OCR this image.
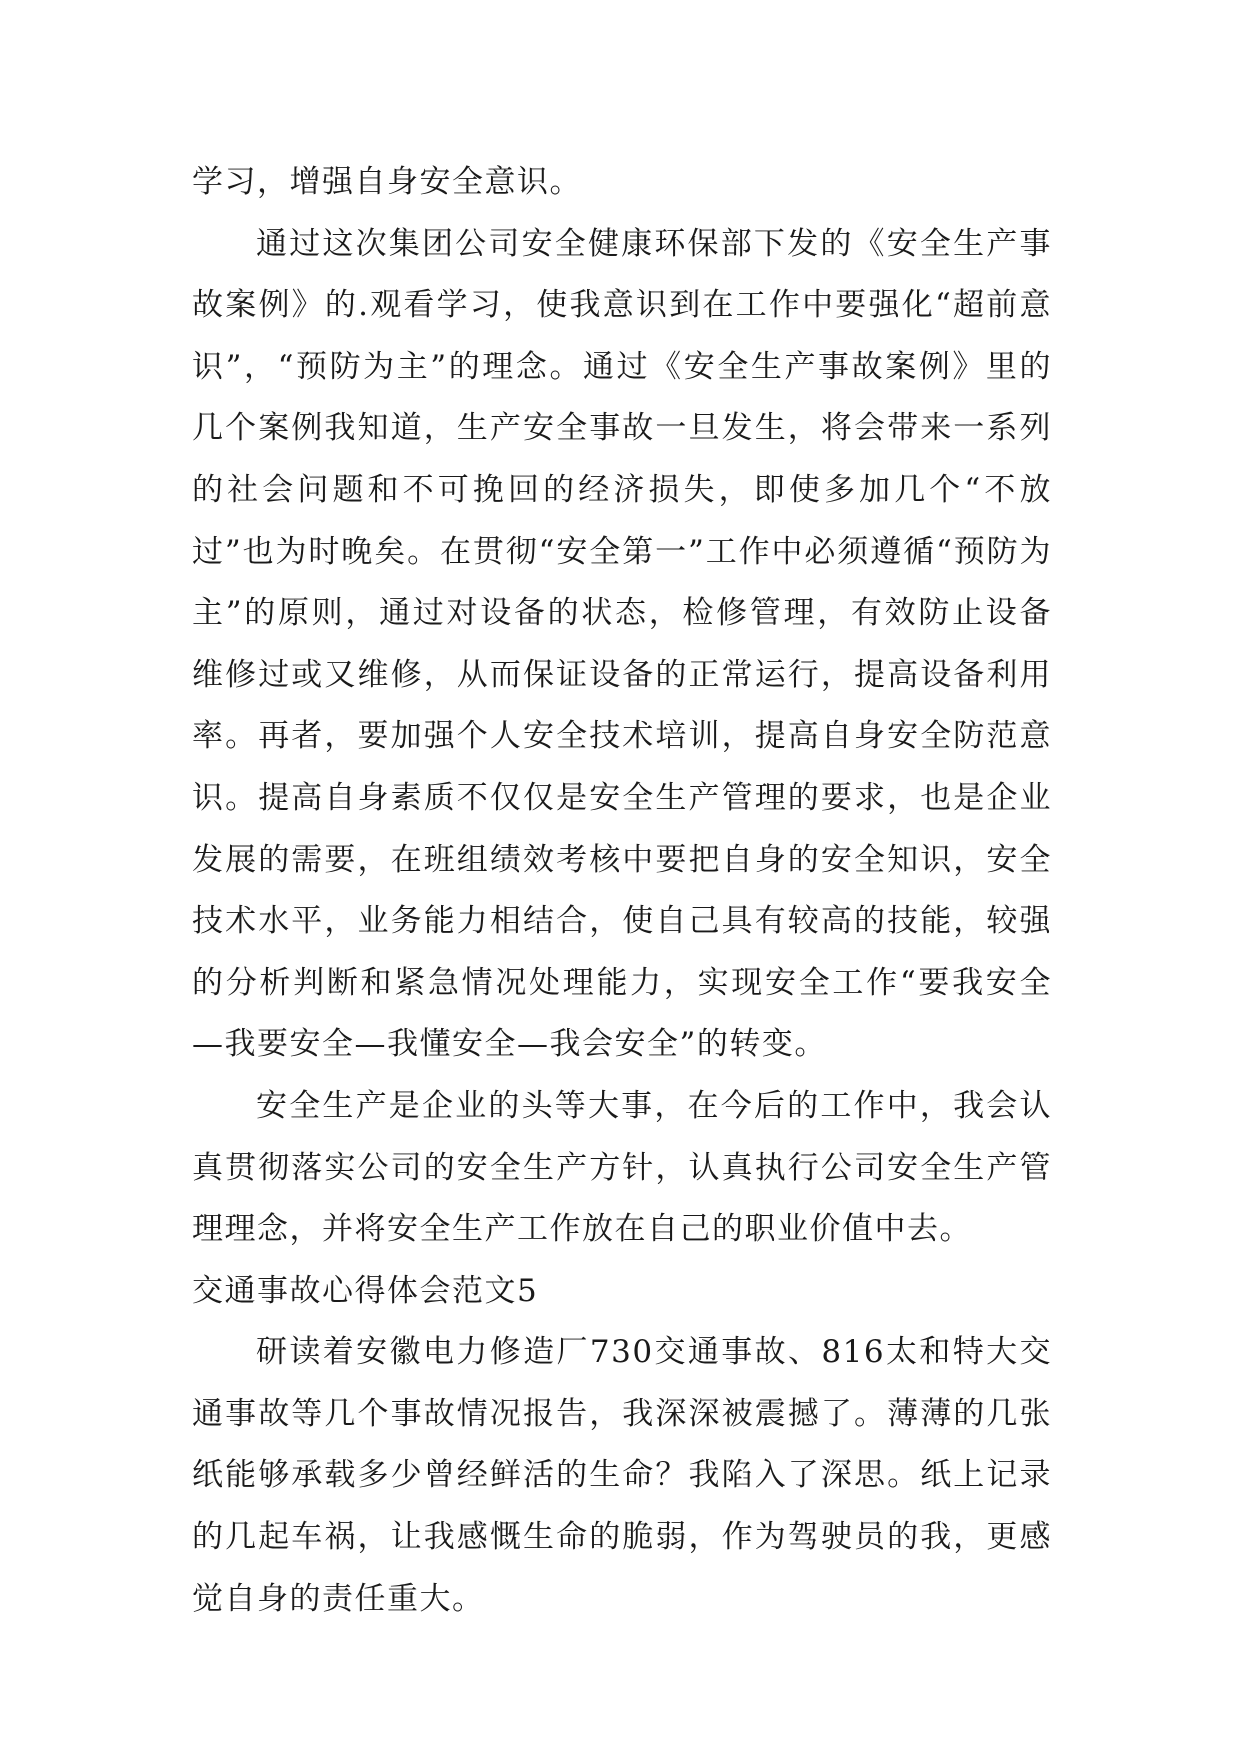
学习，增强自身安全意识。

通过这次集团公司安全健康环保部下发的《安全生产事故案例》的.观看学习，使我意识到在工作中要强化“超前意识”，“预防为主”的理念。通过《安全生产事故案例》里的几个案例我知道，生产安全事故一旦发生，将会带来一系列的社会问题和不可挽回的经济损失，即使多加几个“不放过”也为时晚矣。在贯彻“安全第一”工作中必须遵循“预防为主”的原则，通过对设备的状态，检修管理，有效防止设备维修过或又维修，从而保证设备的正常运行，提高设备利用率。再者，要加强个人安全技术培训，提高自身安全防范意识。提高自身素质不仅仅是安全生产管理的要求，也是企业发展的需要，在班组绩效考核中要把自身的安全知识，安全技术水平，业务能力相结合，使自己具有较高的技能，较强的分析判断和紧急情况处理能力，实现安全工作“要我安全—我要安全—我懂安全—我会安全”的转变。

安全生产是企业的头等大事，在今后的工作中，我会认真贯彻落实公司的安全生产方针，认真执行公司安全生产管理理念，并将安全生产工作放在自己的职业价值中去。

交通事故心得体会范文5

研读着安徽电力修造厂730交通事故、816太和特大交通事故等几个事故情况报告，我深深被震撼了。薄薄的几张纸能够承载多少曾经鲜活的生命？我陷入了深思。纸上记录的几起车祸，让我感慨生命的脆弱，作为驾驶员的我，更感觉自身的责任重大。
